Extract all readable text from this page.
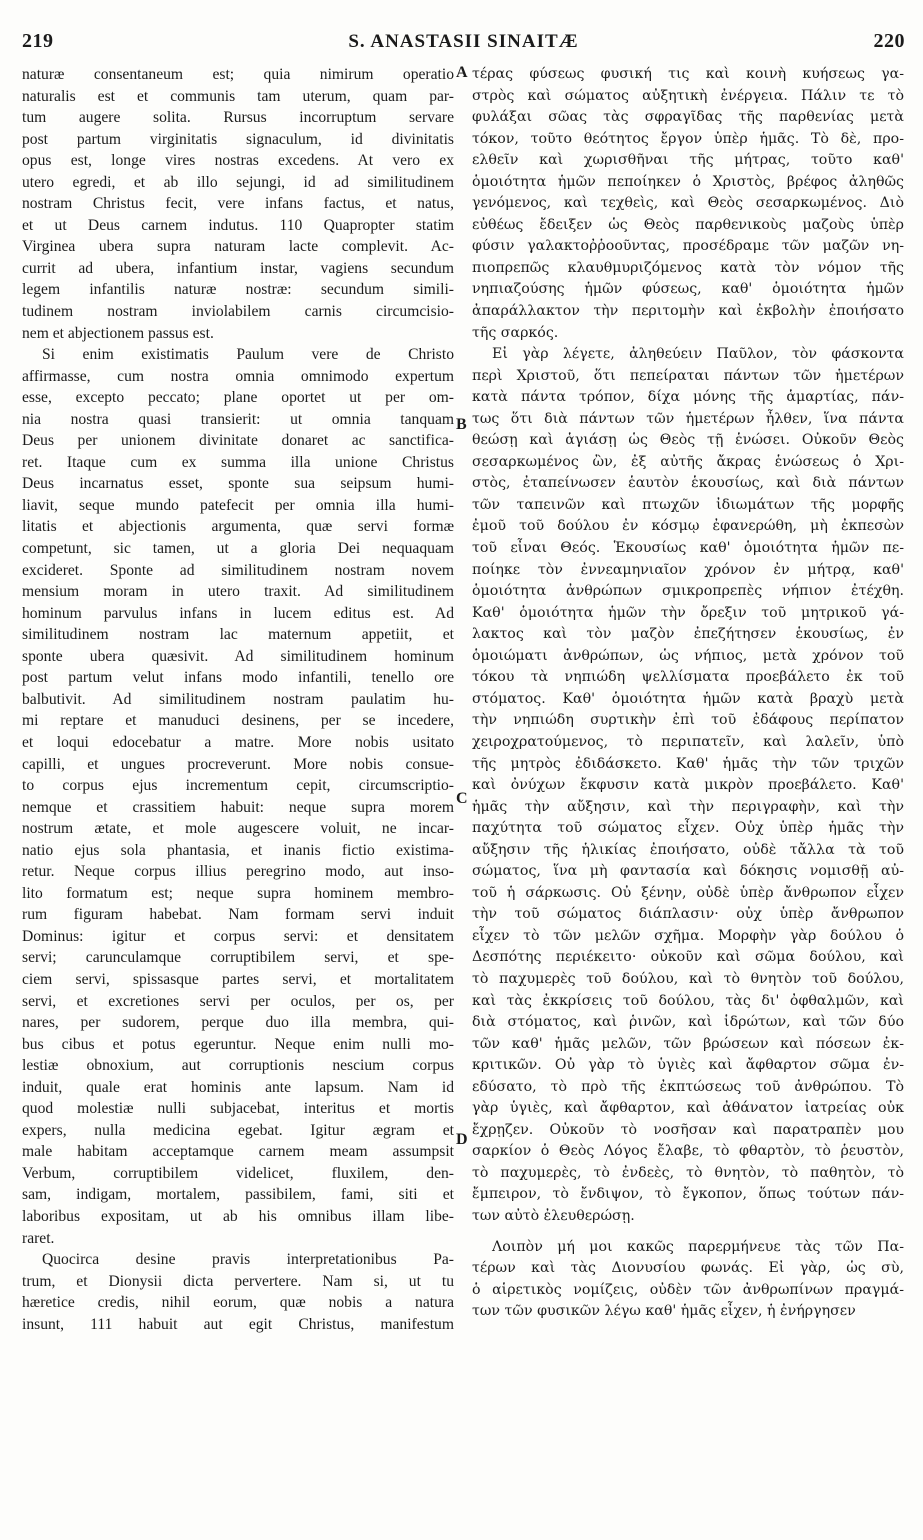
219	S. ANASTASII SINAITÆ	220
naturæ consentaneum est; quia nimirum operatio
naturalis est et communis tam uterum, quam par-
tum augere solita. Rursus incorruptum servare
post partum virginitatis signaculum, id divinitatis
opus est, longe vires nostras excedens. At vero ex
utero egredi, et ab illo sejungi, id ad similitudinem
nostram Christus fecit, vere infans factus, et natus,
et ut Deus carnem indutus. 110 Quapropter statim
Virginea ubera supra naturam lacte complevit. Ac-
currit ad ubera, infantium instar, vagiens secundum
legem infantilis naturæ nostræ: secundum simili-
tudinem nostram inviolabilem carnis circumcisio-
nem et abjectionem passus est.
Si enim existimatis Paulum vere de Christo
affirmasse, cum nostra omnia omnimodo expertum
esse, excepto peccato; plane oportet ut per om-
nia nostra quasi transierit: ut omnia tanquam
Deus per unionem divinitate donaret ac sanctifica-
ret. Itaque cum ex summa illa unione Christus
Deus incarnatus esset, sponte sua seipsum humi-
liavit, seque mundo patefecit per omnia illa humi-
litatis et abjectionis argumenta, quæ servi formæ
competunt, sic tamen, ut a gloria Dei nequaquam
excideret. Sponte ad similitudinem nostram novem
mensium moram in utero traxit. Ad similitudinem
hominum parvulus infans in lucem editus est. Ad
similitudinem nostram lac maternum appetiit, et
sponte ubera quæsivit. Ad similitudinem hominum
post partum velut infans modo infantili, tenello ore
balbutivit. Ad similitudinem nostram paulatim hu-
mi reptare et manuduci desinens, per se incedere,
et loqui edocebatur a matre. More nobis usitato
capilli, et ungues procreverunt. More nobis consue-
to corpus ejus incrementum cepit, circumscriptio-
nemque et crassitiem habuit: neque supra morem
nostrum ætate, et mole augescere voluit, ne incar-
natio ejus sola phantasia, et inanis fictio existima-
retur. Neque corpus illius peregrino modo, aut inso-
lito formatum est; neque supra hominem membro-
rum figuram habebat. Nam formam servi induit
Dominus: igitur et corpus servi: et densitatem
servi; carunculamque corruptibilem servi, et spe-
ciem servi, spissasque partes servi, et mortalitatem
servi, et excretiones servi per oculos, per os, per
nares, per sudorem, perque duo illa membra, qui-
bus cibus et potus egeruntur. Neque enim nulli mo-
lestiæ obnoxium, aut corruptionis nescium corpus
induit, quale erat hominis ante lapsum. Nam id
quod molestiæ nulli subjacebat, interitus et mortis
expers, nulla medicina egebat. Igitur ægram et
male habitam acceptamque carnem meam assumpsit
Verbum, corruptibilem videlicet, fluxilem, den-
sam, indigam, mortalem, passibilem, fami, siti et
laboribus expositam, ut ab his omnibus illam libe-
raret.
Quocirca desine pravis interpretationibus Pa-
trum, et Dionysii dicta pervertere. Nam si, ut tu
hæretice credis, nihil eorum, quæ nobis a natura
insunt, 111 habuit aut egit Christus, manifestum
τέρας φύσεως φυσική τις καὶ κοινὴ κυήσεως γα-
στρὸς καὶ σώματος αὐξητικὴ ἐνέργεια. Πάλιν τε τὸ
φυλάξαι σῶας τὰς σφραγῖδας τῆς παρθενίας μετὰ
τόκον, τοῦτο θεότητος ἔργον ὑπὲρ ἡμᾶς. Τὸ δὲ, προ-
ελθεῖν καὶ χωρισθῆναι τῆς μήτρας, τοῦτο καθ'
ὁμοιότητα ἡμῶν πεποίηκεν ὁ Χριστὸς, βρέφος ἀληθῶς
γενόμενος, καὶ τεχθεὶς, καὶ Θεὸς σεσαρκωμένος. Διὸ
εὐθέως ἔδειξεν ὡς Θεὸς παρθενικοὺς μαζοὺς ὑπὲρ
φύσιν γαλακτοῤῥοοῦντας, προσέδραμε τῶν μαζῶν νη-
πιοπρεπῶς κλαυθμυριζόμενος κατὰ τὸν νόμον τῆς
νηπιαζούσης ἡμῶν φύσεως, καθ' ὁμοιότητα ἡμῶν
ἀπαράλλακτον τὴν περιτομὴν καὶ ἐκβολὴν ἐποιήσατο
τῆς σαρκός.
Εἰ γὰρ λέγετε, ἀληθεύειν Παῦλον, τὸν φάσκοντα
περὶ Χριστοῦ, ὅτι πεπείραται πάντων τῶν ἡμετέρων
κατὰ πάντα τρόπον, δίχα μόνης τῆς ἁμαρτίας, πάν-
τως ὅτι διὰ πάντων τῶν ἡμετέρων ἦλθεν, ἵνα πάντα
θεώσῃ καὶ ἁγιάσῃ ὡς Θεὸς τῇ ἑνώσει. Οὐκοῦν Θεὸς
σεσαρκωμένος ὢν, ἐξ αὐτῆς ἄκρας ἑνώσεως ὁ Χρι-
στὸς, ἐταπείνωσεν ἑαυτὸν ἑκουσίως, καὶ διὰ πάντων
τῶν ταπεινῶν καὶ πτωχῶν ἰδιωμάτων τῆς μορφῆς
ἐμοῦ τοῦ δούλου ἐν κόσμῳ ἐφανερώθη, μὴ ἐκπεσὼν
τοῦ εἶναι Θεός. Ἑκουσίως καθ' ὁμοιότητα ἡμῶν πε-
ποίηκε τὸν ἐννεαμηνιαῖον χρόνον ἐν μήτρᾳ, καθ'
ὁμοιότητα ἀνθρώπων σμικροπρεπὲς νήπιον ἐτέχθη.
Καθ' ὁμοιότητα ἡμῶν τὴν ὄρεξιν τοῦ μητρικοῦ γά-
λακτος καὶ τὸν μαζὸν ἐπεζήτησεν ἑκουσίως, ἐν
ὁμοιώματι ἀνθρώπων, ὡς νήπιος, μετὰ χρόνον τοῦ
τόκου τὰ νηπιώδη ψελλίσματα προεβάλετο ἐκ τοῦ
στόματος. Καθ' ὁμοιότητα ἡμῶν κατὰ βραχὺ μετὰ
τὴν νηπιώδη συρτικὴν ἐπὶ τοῦ ἐδάφους περίπατον
χειροχρατούμενος, τὸ περιπατεῖν, καὶ λαλεῖν, ὑπὸ
τῆς μητρὸς ἐδιδάσκετο. Καθ' ἡμᾶς τὴν τῶν τριχῶν
καὶ ὀνύχων ἔκφυσιν κατὰ μικρὸν προεβάλετο. Καθ'
ἡμᾶς τὴν αὔξησιν, καὶ τὴν περιγραφὴν, καὶ τὴν
παχύτητα τοῦ σώματος εἶχεν. Οὐχ ὑπὲρ ἡμᾶς τὴν
αὔξησιν τῆς ἡλικίας ἐποιήσατο, οὐδὲ τἄλλα τὰ τοῦ
σώματος, ἵνα μὴ φαντασία καὶ δόκησις νομισθῇ αὐ-
τοῦ ἡ σάρκωσις. Οὐ ξένην, οὐδὲ ὑπὲρ ἄνθρωπον εἶχεν
τὴν τοῦ σώματος διάπλασιν· οὐχ ὑπὲρ ἄνθρωπον
εἶχεν τὸ τῶν μελῶν σχῆμα. Μορφὴν γὰρ δούλου ὁ
Δεσπότης περιέκειτο· οὐκοῦν καὶ σῶμα δούλου, καὶ
τὸ παχυμερὲς τοῦ δούλου, καὶ τὸ θνητὸν τοῦ δούλου,
καὶ τὰς ἐκκρίσεις τοῦ δούλου, τὰς δι' ὀφθαλμῶν, καὶ
διὰ στόματος, καὶ ῥινῶν, καὶ ἱδρώτων, καὶ τῶν δύο
τῶν καθ' ἡμᾶς μελῶν, τῶν βρώσεων καὶ πόσεων ἐκ-
κριτικῶν. Οὐ γὰρ τὸ ὑγιὲς καὶ ἄφθαρτον σῶμα ἐν-
εδύσατο, τὸ πρὸ τῆς ἐκπτώσεως τοῦ ἀνθρώπου. Τὸ
γὰρ ὑγιὲς, καὶ ἄφθαρτον, καὶ ἀθάνατον ἰατρείας οὐκ
ἔχρῃζεν. Οὐκοῦν τὸ νοσῆσαν καὶ παρατραπὲν μου
σαρκίον ὁ Θεὸς Λόγος ἔλαβε, τὸ φθαρτὸν, τὸ ῥευστὸν,
τὸ παχυμερὲς, τὸ ἐνδεὲς, τὸ θνητὸν, τὸ παθητὸν, τὸ
ἔμπειρον, τὸ ἔνδιψον, τὸ ἔγκοπον, ὅπως τούτων πάν-
των αὐτὸ ἐλευθερώσῃ.
Λοιπὸν μή μοι κακῶς παρερμήνευε τὰς τῶν Πα-
τέρων καὶ τὰς Διονυσίου φωνάς. Εἰ γὰρ, ὡς σὺ,
ὁ αἱρετικὸς νομίζεις, οὐδὲν τῶν ἀνθρωπίνων πραγμά-
των τῶν φυσικῶν λέγω καθ' ἡμᾶς εἶχεν, ἡ ἐνήργησεν
A
B
C
D
